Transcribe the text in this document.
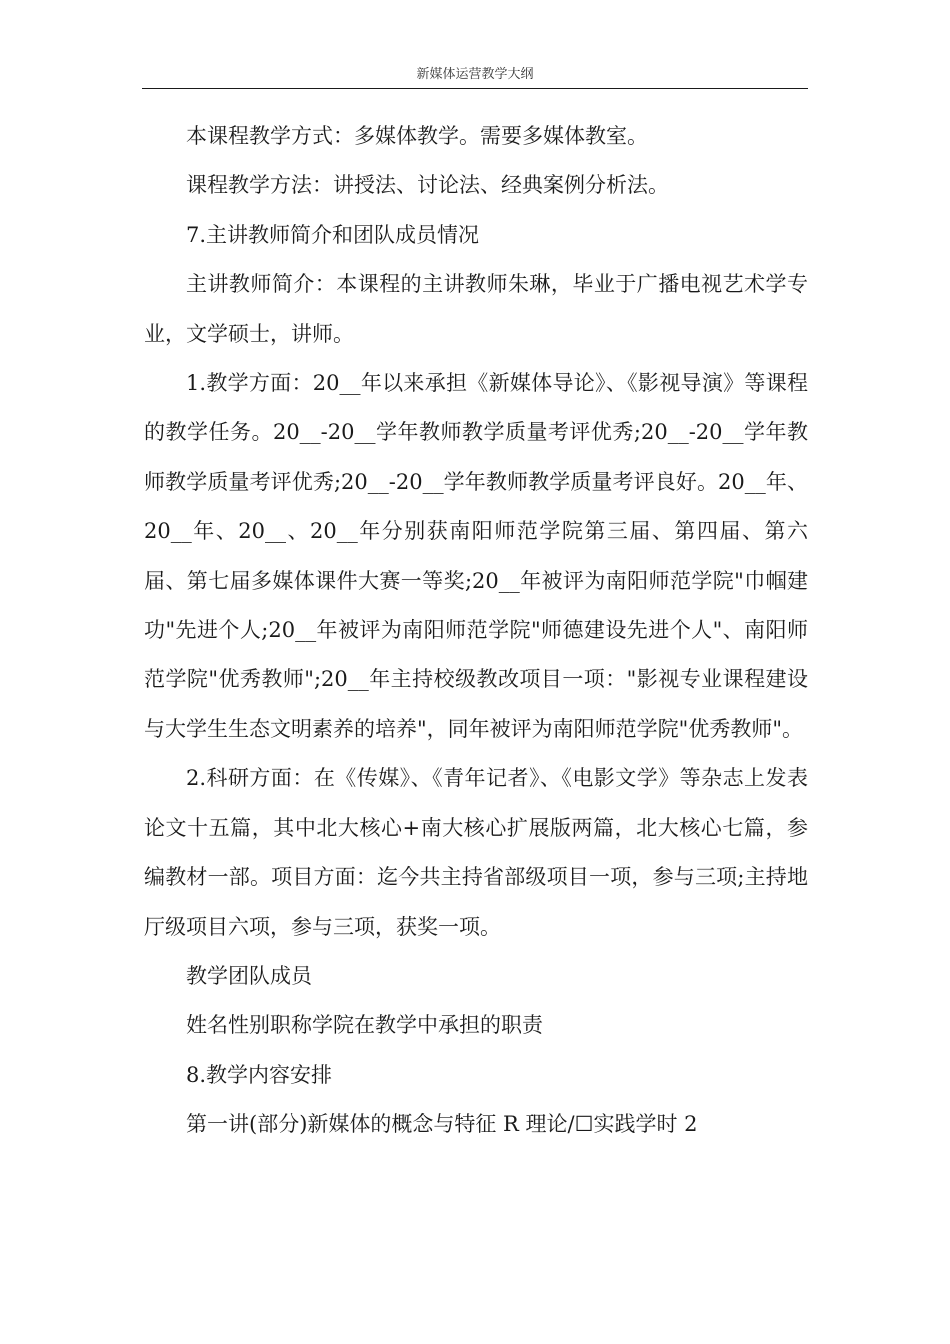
新媒体运营教学大纲

本课程教学方式：多媒体教学。需要多媒体教室。

课程教学方法：讲授法、讨论法、经典案例分析法。

7.主讲教师简介和团队成员情况

主讲教师简介：本课程的主讲教师朱琳，毕业于广播电视艺术学专业，文学硕士，讲师。

1.教学方面：20__年以来承担《新媒体导论》、《影视导演》等课程的教学任务。20__-20__学年教师教学质量考评优秀;20__-20__学年教师教学质量考评优秀;20__-20__学年教师教学质量考评良好。20__年、20__年、20__、20__年分别获南阳师范学院第三届、第四届、第六届、第七届多媒体课件大赛一等奖;20__年被评为南阳师范学院"巾帼建功"先进个人;20__年被评为南阳师范学院"师德建设先进个人"、南阳师范学院"优秀教师";20__年主持校级教改项目一项："影视专业课程建设与大学生生态文明素养的培养"，同年被评为南阳师范学院"优秀教师"。

2.科研方面：在《传媒》、《青年记者》、《电影文学》等杂志上发表论文十五篇，其中北大核心+南大核心扩展版两篇，北大核心七篇，参编教材一部。项目方面：迄今共主持省部级项目一项，参与三项;主持地厅级项目六项，参与三项，获奖一项。

教学团队成员

姓名性别职称学院在教学中承担的职责

8.教学内容安排

第一讲(部分)新媒体的概念与特征 R 理论/☐实践学时 2
